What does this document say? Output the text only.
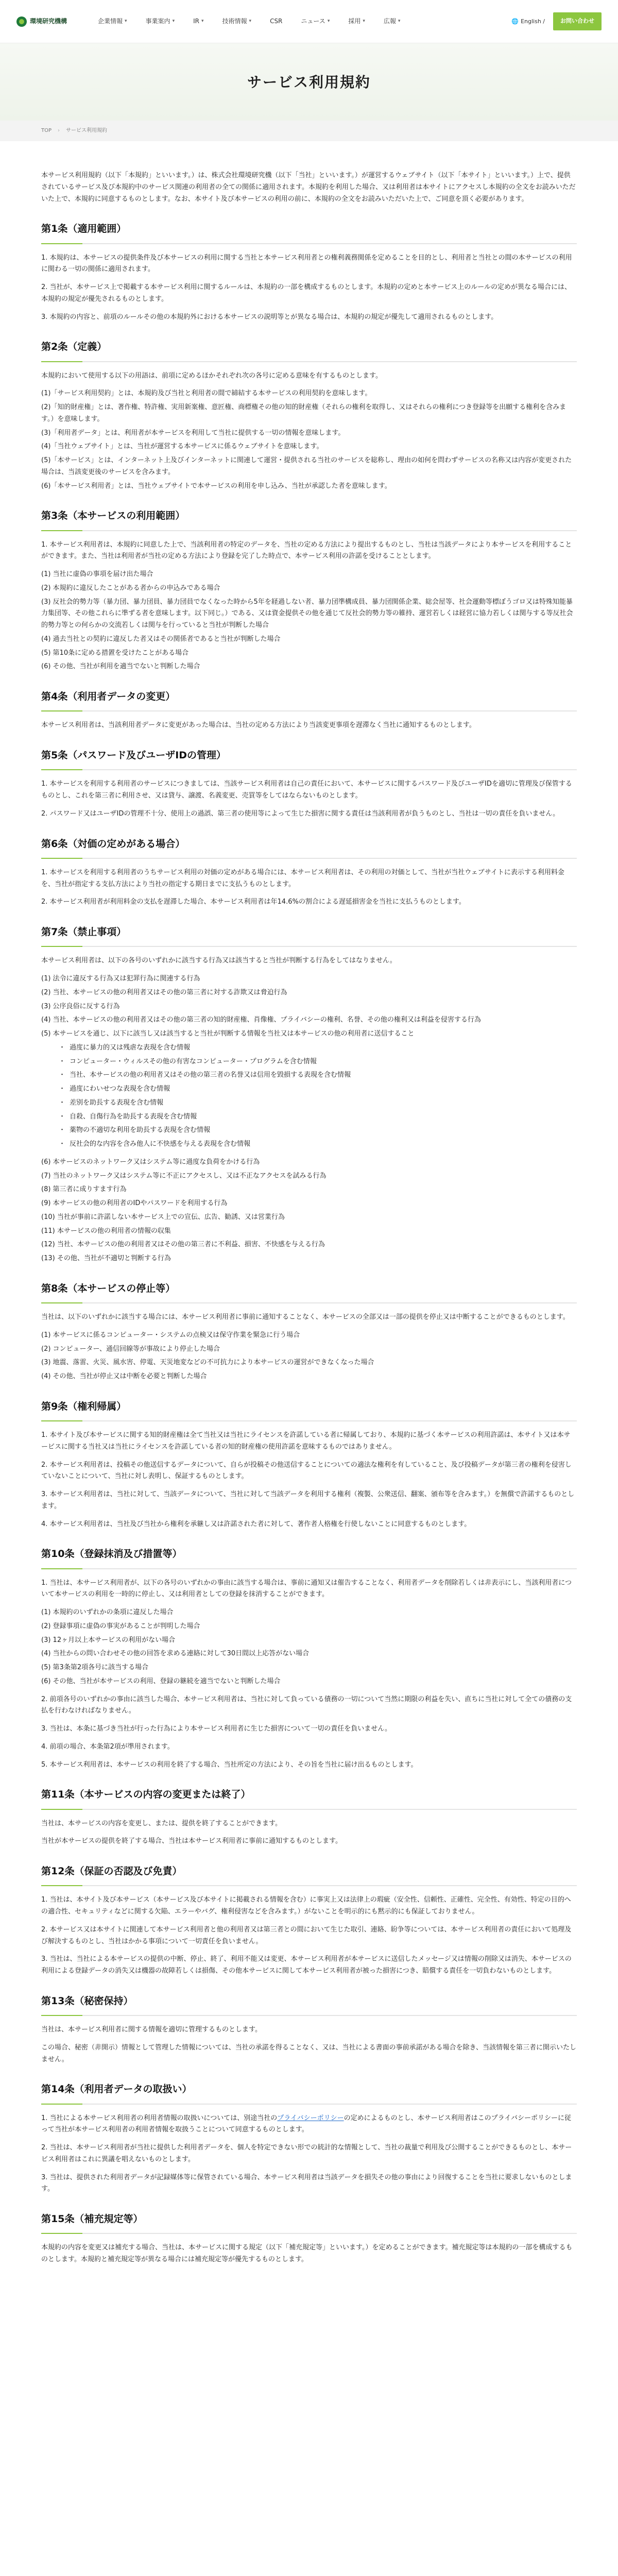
環境研究機構	企業情報 ▾	事業案内 ▾	IR ▾	技術情報 ▾	CSR	ニュース ▾	採用 ▾	広報 ▾	🌐 English /	お問い合わせ
サービス利用規約
TOP › サービス利用規約

本サービス利用規約（以下「本規約」といいます。）は、株式会社環境研究機（以下「当社」といいます。）が運営するウェブサイト（以下「本サイト」といいます。）上で、提供されているサービス及び本規約中のサービス関連の利用者の全ての関係に適用されます。本規約を利用した場合、又は利用者は本サイトにアクセスし本規約の全文をお読みいただいた上で、本規約に同意するものとします。なお、本サイト及び本サービスの利用の前に、本規約の全文をお読みいただいた上で、ご同意を頂く必要があります。

第1条（適用範囲）

1. 本規約は、本サービスの提供条件及び本サービスの利用に関する当社と本サービス利用者との権利義務関係を定めることを目的とし、利用者と当社との間の本サービスの利用に関わる一切の関係に適用されます。

2. 当社が、本サービス上で掲載する本サービス利用に関するルールは、本規約の一部を構成するものとします。本規約の定めと本サービス上のルールの定めが異なる場合には、本規約の規定が優先されるものとします。

3. 本規約の内容と、前項のルールその他の本規約外における本サービスの説明等とが異なる場合は、本規約の規定が優先して適用されるものとします。

第2条（定義）

本規約において使用する以下の用語は、前項に定めるほかそれぞれ次の各号に定める意味を有するものとします。

(1)「サービス利用契約」とは、本規約及び当社と利用者の間で締結する本サービスの利用契約を意味します。
(2)「知的財産権」とは、著作権、特許権、実用新案権、意匠権、商標権その他の知的財産権（それらの権利を取得し、又はそれらの権利につき登録等を出願する権利を含みます。）を意味します。
(3)「利用者データ」とは、利用者が本サービスを利用して当社に提供する一切の情報を意味します。
(4)「当社ウェブサイト」とは、当社が運営する本サービスに係るウェブサイトを意味します。
(5)「本サービス」とは、インターネット上及びインターネットに関連して運営・提供される当社のサービスを総称し、理由の如何を問わずサービスの名称又は内容が変更された場合は、当該変更後のサービスを含みます。
(6)「本サービス利用者」とは、当社ウェブサイトで本サービスの利用を申し込み、当社が承認した者を意味します。
第3条（本サービスの利用範囲）

1. 本サービス利用者は、本規約に同意した上で、当該利用者の特定のデータを、当社の定める方法により提出するものとし、当社は当該データにより本サービスを利用することができます。また、当社は利用者が当社の定める方法により登録を完了した時点で、本サービス利用の許諾を受けることとします。

(1) 当社に虚偽の事項を届け出た場合
(2) 本規約に違反したことがある者からの申込みである場合
(3) 反社会的勢力等（暴力団、暴力団員、暴力団員でなくなった時から5年を経過しない者、暴力団準構成員、暴力団関係企業、総会屋等、社会運動等標ぼうゴロ又は特殊知能暴力集団等、その他これらに準ずる者を意味します。以下同じ。）である、又は資金提供その他を通じて反社会的勢力等の維持、運営若しくは経営に協力若しくは関与する等反社会的勢力等との何らかの交流若しくは関与を行っていると当社が判断した場合
(4) 過去当社との契約に違反した者又はその関係者であると当社が判断した場合
(5) 第10条に定める措置を受けたことがある場合
(6) その他、当社が利用を適当でないと判断した場合
第4条（利用者データの変更）

本サービス利用者は、当該利用者データに変更があった場合は、当社の定める方法により当該変更事項を遅滞なく当社に通知するものとします。

第5条（パスワード及びユーザIDの管理）

1. 本サービスを利用する利用者のサービスにつきましては、当該サービス利用者は自己の責任において、本サービスに関するパスワード及びユーザIDを適切に管理及び保管するものとし、これを第三者に利用させ、又は貸与、譲渡、名義変更、売買等をしてはならないものとします。

2. パスワード又はユーザIDの管理不十分、使用上の過誤、第三者の使用等によって生じた損害に関する責任は当該利用者が負うものとし、当社は一切の責任を負いません。

第6条（対価の定めがある場合）

1. 本サービスを利用する利用者のうちサービス利用の対価の定めがある場合には、本サービス利用者は、その利用の対価として、当社が当社ウェブサイトに表示する利用料金を、当社が指定する支払方法により当社の指定する期日までに支払うものとします。

2. 本サービス利用者が利用料金の支払を遅滞した場合、本サービス利用者は年14.6%の割合による遅延損害金を当社に支払うものとします。

第7条（禁止事項）

本サービス利用者は、以下の各号のいずれかに該当する行為又は該当すると当社が判断する行為をしてはなりません。

(1) 法令に違反する行為又は犯罪行為に関連する行為
(2) 当社、本サービスの他の利用者又はその他の第三者に対する詐欺又は脅迫行為
(3) 公序良俗に反する行為
(4) 当社、本サービスの他の利用者又はその他の第三者の知的財産権、肖像権、プライバシーの権利、名誉、その他の権利又は利益を侵害する行為
(5) 本サービスを通じ、以下に該当し又は該当すると当社が判断する情報を当社又は本サービスの他の利用者に送信すること
・ 過度に暴力的又は残虐な表現を含む情報
・ コンピューター・ウィルスその他の有害なコンピューター・プログラムを含む情報
・ 当社、本サービスの他の利用者又はその他の第三者の名誉又は信用を毀損する表現を含む情報
・ 過度にわいせつな表現を含む情報
・ 差別を助長する表現を含む情報
・ 自殺、自傷行為を助長する表現を含む情報
・ 薬物の不適切な利用を助長する表現を含む情報
・ 反社会的な内容を含み他人に不快感を与える表現を含む情報
(6) 本サービスのネットワーク又はシステム等に過度な負荷をかける行為
(7) 当社のネットワーク又はシステム等に不正にアクセスし、又は不正なアクセスを試みる行為
(8) 第三者に成りすます行為
(9) 本サービスの他の利用者のIDやパスワードを利用する行為
(10) 当社が事前に許諾しない本サービス上での宣伝、広告、勧誘、又は営業行為
(11) 本サービスの他の利用者の情報の収集
(12) 当社、本サービスの他の利用者又はその他の第三者に不利益、損害、不快感を与える行為
(13) その他、当社が不適切と判断する行為
第8条（本サービスの停止等）

当社は、以下のいずれかに該当する場合には、本サービス利用者に事前に通知することなく、本サービスの全部又は一部の提供を停止又は中断することができるものとします。

(1) 本サービスに係るコンピューター・システムの点検又は保守作業を緊急に行う場合
(2) コンピューター、通信回線等が事故により停止した場合
(3) 地震、落雷、火災、風水害、停電、天災地変などの不可抗力により本サービスの運営ができなくなった場合
(4) その他、当社が停止又は中断を必要と判断した場合
第9条（権利帰属）

1. 本サイト及び本サービスに関する知的財産権は全て当社又は当社にライセンスを許諾している者に帰属しており、本規約に基づく本サービスの利用許諾は、本サイト又は本サービスに関する当社又は当社にライセンスを許諾している者の知的財産権の使用許諾を意味するものではありません。

2. 本サービス利用者は、投稿その他送信するデータについて、自らが投稿その他送信することについての適法な権利を有していること、及び投稿データが第三者の権利を侵害していないことについて、当社に対し表明し、保証するものとします。

3. 本サービス利用者は、当社に対して、当該データについて、当社に対して当該データを利用する権利（複製、公衆送信、翻案、頒布等を含みます。）を無償で許諾するものとします。

4. 本サービス利用者は、当社及び当社から権利を承継し又は許諾された者に対して、著作者人格権を行使しないことに同意するものとします。

第10条（登録抹消及び措置等）

1. 当社は、本サービス利用者が、以下の各号のいずれかの事由に該当する場合は、事前に通知又は催告することなく、利用者データを削除若しくは非表示にし、当該利用者について本サービスの利用を一時的に停止し、又は利用者としての登録を抹消することができます。

(1) 本規約のいずれかの条項に違反した場合
(2) 登録事項に虚偽の事実があることが判明した場合
(3) 12ヶ月以上本サービスの利用がない場合
(4) 当社からの問い合わせその他の回答を求める連絡に対して30日間以上応答がない場合
(5) 第3条第2項各号に該当する場合
(6) その他、当社が本サービスの利用、登録の継続を適当でないと判断した場合

2. 前項各号のいずれかの事由に該当した場合、本サービス利用者は、当社に対して負っている債務の一切について当然に期限の利益を失い、直ちに当社に対して全ての債務の支払を行わなければなりません。

3. 当社は、本条に基づき当社が行った行為により本サービス利用者に生じた損害について一切の責任を負いません。

4. 前項の場合、本条第2項が準用されます。

5. 本サービス利用者は、本サービスの利用を終了する場合、当社所定の方法により、その旨を当社に届け出るものとします。

第11条（本サービスの内容の変更または終了）

当社は、本サービスの内容を変更し、または、提供を終了することができます。

当社が本サービスの提供を終了する場合、当社は本サービス利用者に事前に通知するものとします。

第12条（保証の否認及び免責）

1. 当社は、本サイト及び本サービス（本サービス及び本サイトに掲載される情報を含む）に事実上又は法律上の瑕疵（安全性、信頼性、正確性、完全性、有効性、特定の目的への適合性、セキュリティなどに関する欠陥、エラーやバグ、権利侵害などを含みます。）がないことを明示的にも黙示的にも保証しておりません。

2. 本サービス又は本サイトに関連して本サービス利用者と他の利用者又は第三者との間において生じた取引、連絡、紛争等については、本サービス利用者の責任において処理及び解決するものとし、当社はかかる事項について一切責任を負いません。

3. 当社は、当社による本サービスの提供の中断、停止、終了、利用不能又は変更、本サービス利用者が本サービスに送信したメッセージ又は情報の削除又は消失、本サービスの利用による登録データの消失又は機器の故障若しくは損傷、その他本サービスに関して本サービス利用者が被った損害につき、賠償する責任を一切負わないものとします。

第13条（秘密保持）

当社は、本サービス利用者に関する情報を適切に管理するものとします。

この場合、秘密（非開示）情報として管理した情報については、当社の承諾を得ることなく、又は、当社による書面の事前承諾がある場合を除き、当該情報を第三者に開示いたしません。

第14条（利用者データの取扱い）

1. 当社による本サービス利用者の利用者情報の取扱いについては、別途当社のプライバシーポリシーの定めによるものとし、本サービス利用者はこのプライバシーポリシーに従って当社が本サービス利用者の利用者情報を取扱うことについて同意するものとします。

2. 当社は、本サービス利用者が当社に提供した利用者データを、個人を特定できない形での統計的な情報として、当社の裁量で利用及び公開することができるものとし、本サービス利用者はこれに異議を唱えないものとします。

3. 当社は、提供された利用者データが記録媒体等に保管されている場合、本サービス利用者は当該データを損失その他の事由により回復することを当社に要求しないものとします。

第15条（補充規定等）

本規約の内容を変更又は補充する場合、当社は、本サービスに関する規定（以下「補充規定等」といいます。）を定めることができます。補充規定等は本規約の一部を構成するものとします。本規約と補充規定等が異なる場合には補充規定等が優先するものとします。
